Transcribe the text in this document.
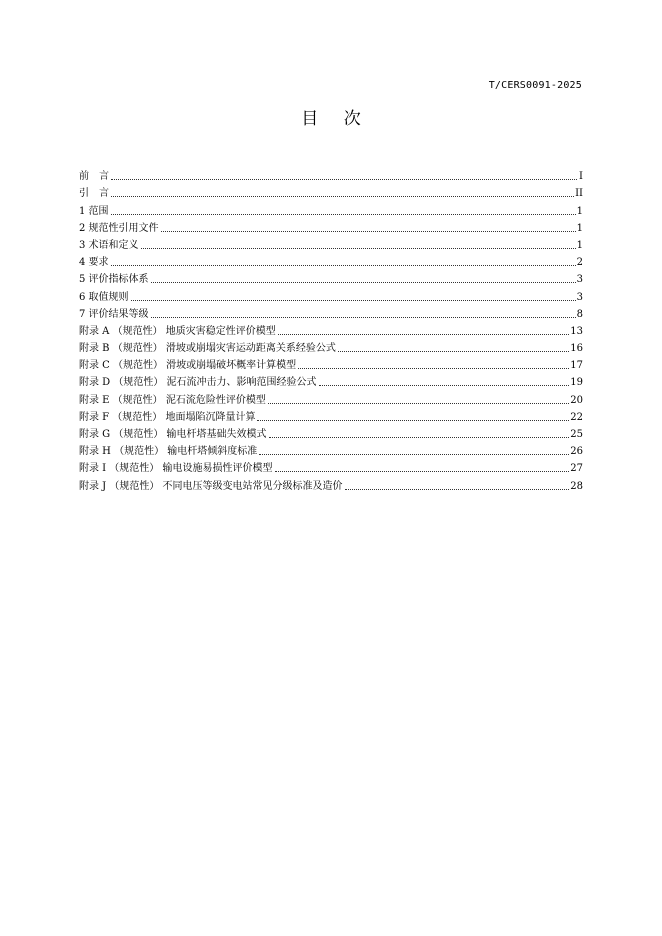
T/CERS0091-2025
目 次
前　言	I
引　言	II
1 范围	1
2 规范性引用文件	1
3 术语和定义	1
4 要求	2
5 评价指标体系	3
6 取值规则	3
7 评价结果等级	8
附录 A （规范性） 地质灾害稳定性评价模型	13
附录 B （规范性） 滑坡或崩塌灾害运动距离关系经验公式	16
附录 C （规范性） 滑坡或崩塌破坏概率计算模型	17
附录 D （规范性） 泥石流冲击力、影响范围经验公式	19
附录 E （规范性） 泥石流危险性评价模型	20
附录 F （规范性） 地面塌陷沉降量计算	22
附录 G （规范性） 输电杆塔基础失效模式	25
附录 H （规范性） 输电杆塔倾斜度标准	26
附录 I （规范性） 输电设施易损性评价模型	27
附录 J （规范性） 不同电压等级变电站常见分级标准及造价	28
